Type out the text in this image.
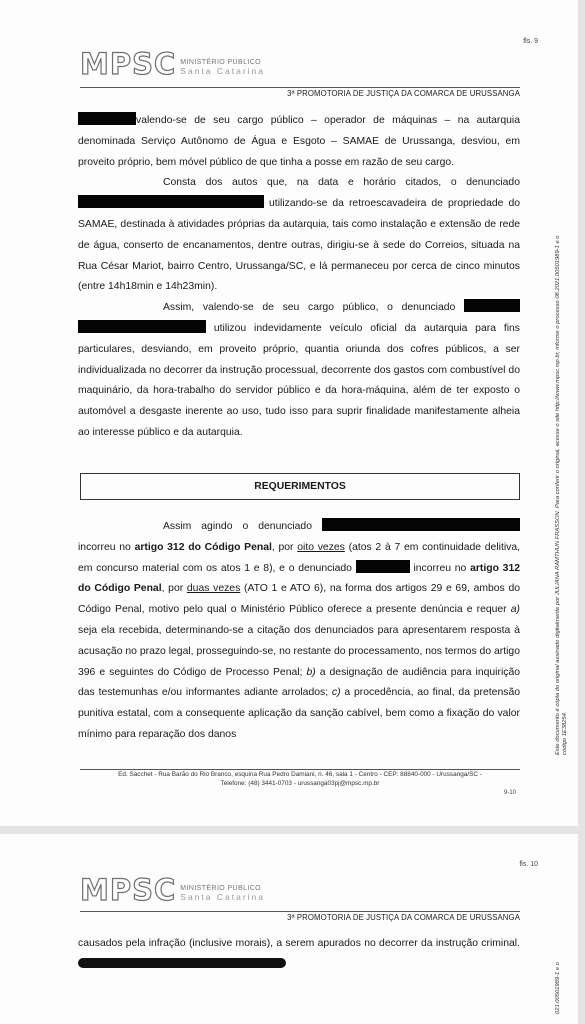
fls. 9
MPSC MINISTÉRIO PÚBLICO
Santa Catarina
3ª PROMOTORIA DE JUSTIÇA DA COMARCA DE URUSSANGA

valendo-se de seu cargo público – operador de máquinas – na autarquia denominada Serviço Autônomo de Água e Esgoto – SAMAE de Urussanga, desviou, em proveito próprio, bem móvel público de que tinha a posse em razão de seu cargo.

Consta dos autos que, na data e horário citados, o denunciado  utilizando-se da retroescavadeira de propriedade do SAMAE, destinada à atividades próprias da autarquia, tais como instalação e extensão de rede de água, conserto de encanamentos, dentre outras, dirigiu-se à sede do Correios, situada na Rua César Mariot, bairro Centro, Urussanga/SC, e lá permaneceu por cerca de cinco minutos (entre 14h18min e 14h23min).

Assim, valendo-se de seu cargo público, o denunciado   utilizou indevidamente veículo oficial da autarquia para fins particulares, desviando, em proveito próprio, quantia oriunda dos cofres públicos, a ser individualizada no decorrer da instrução processual, decorrente dos gastos com combustível do maquinário, da hora-trabalho do servidor público e da hora-máquina, além de ter exposto o automóvel a desgaste inerente ao uso, tudo isso para suprir finalidade manifestamente alheia ao interesse público e da autarquia.

REQUERIMENTOS

Assim agindo o denunciado  incorreu no artigo 312 do Código Penal, por oito vezes (atos 2 à 7 em continuidade delitiva, em concurso material com os atos 1 e 8), e o denunciado	incorreu no artigo 312 do Código Penal, por duas vezes (ATO 1 e ATO 6), na forma dos artigos 29 e 69, ambos do Código Penal, motivo pelo qual o Ministério Público oferece a presente denúncia e requer a) seja ela recebida, determinando-se a citação dos denunciados para apresentarem resposta à acusação no prazo legal, prosseguindo-se, no restante do processamento, nos termos do artigo 396 e seguintes do Código de Processo Penal; b) a designação de audiência para inquirição das testemunhas e/ou informantes adiante arrolados; c) a procedência, ao final, da pretensão punitiva estatal, com a consequente aplicação da sanção cabível, bem como a fixação do valor mínimo para reparação dos danos

Ed. Sacchet - Rua Barão do Rio Branco, esquina Rua Pedro Damiani, n. 46, sala 1 - Centro - CEP: 88840-000 - Urussanga/SC -
Telefone: (48) 3441-0703 - urussanga03pj@mpsc.mp.br
9-10
Este documento é cópia do original assinado digitalmente por JULIANA RAMTHUN FRASSON. Para conferir o original, acesse o site http://www.mpsc.mp.br, informe o processo 08.2021.00501989-1 e o código 1E38254.
fls. 10
MPSC MINISTÉRIO PÚBLICO
Santa Catarina
3ª PROMOTORIA DE JUSTIÇA DA COMARCA DE URUSSANGA

causados pela infração (inclusive morais), a serem apurados no decorrer da instrução criminal.

021.00501989-1 e o
